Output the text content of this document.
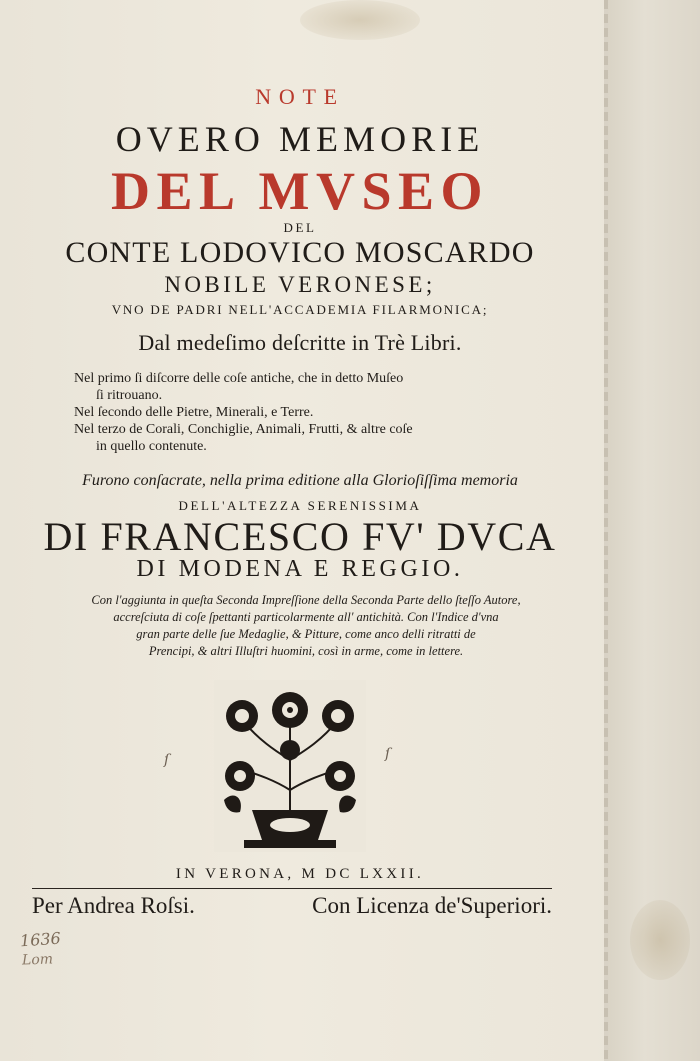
NOTE

OVERO MEMORIE

DEL MVSEO

DEL

CONTE LODOVICO MOSCARDO

NOBILE VERONESE;

VNO DE PADRI NELL'ACCADEMIA FILARMONICA;

Dal medeſimo deſcritte in Trè Libri.

Nel primo ſi diſcorre delle coſe antiche, che in detto Muſeo
ſi ritrouano.
Nel ſecondo delle Pietre, Minerali, e Terre.
Nel terzo de Corali, Conchiglie, Animali, Frutti, & altre coſe
in quello contenute.

Furono conſacrate, nella prima editione alla Glorioſiſſima memoria

DELL'ALTEZZA SERENISSIMA

DI FRANCESCO FV' DVCA

DI MODENA E REGGIO.

Con l'aggiunta in queſta Seconda Impreſſione della Seconda Parte dello ſteſſo Autore,
accreſciuta di coſe ſpettanti particolarmente all' antichità. Con l'Indice d'vna
gran parte delle ſue Medaglie, & Pitture, come anco delli ritratti de
Prencipi, & altri Illuſtri huomini, così in arme, come in lettere.
ſ	ſ

IN VERONA, M DC LXXII.

Per Andrea Roſsi.	Con Licenza de'Superiori.
1636
Lom
